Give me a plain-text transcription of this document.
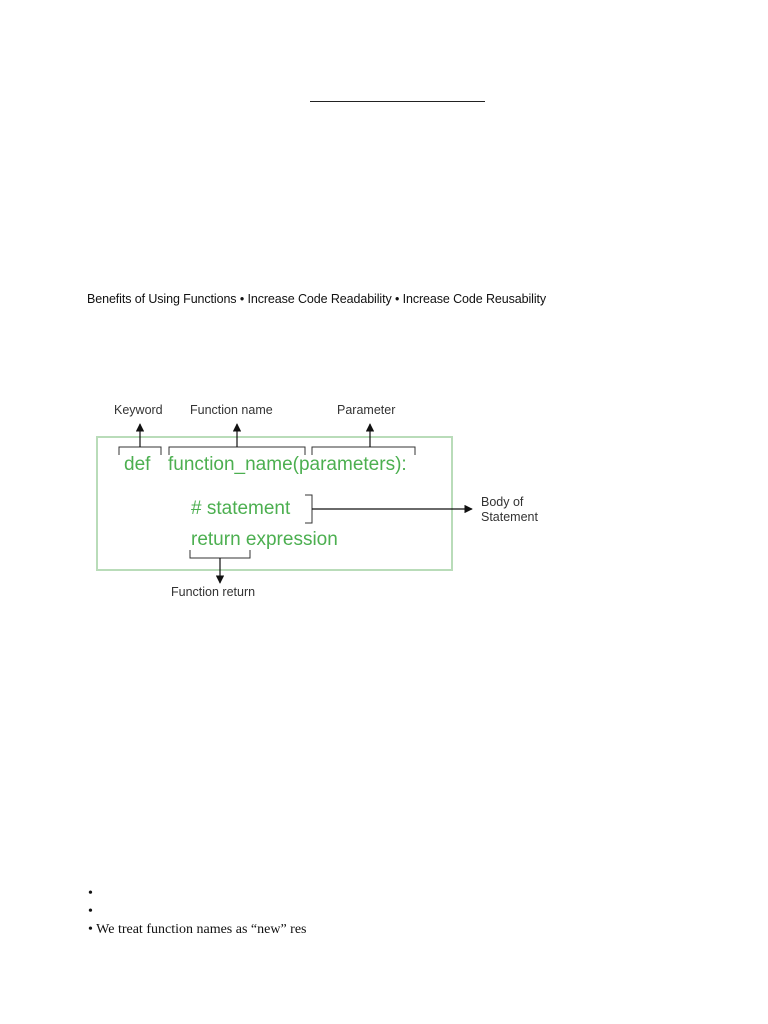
Benefits of Using Functions • Increase Code Readability • Increase Code Reusability
Keyword Function name	Parameter
def function_name(parameters):
# statement
return expression
Body of
Statement
Function return
•
•
• We treat function names as “new” res
